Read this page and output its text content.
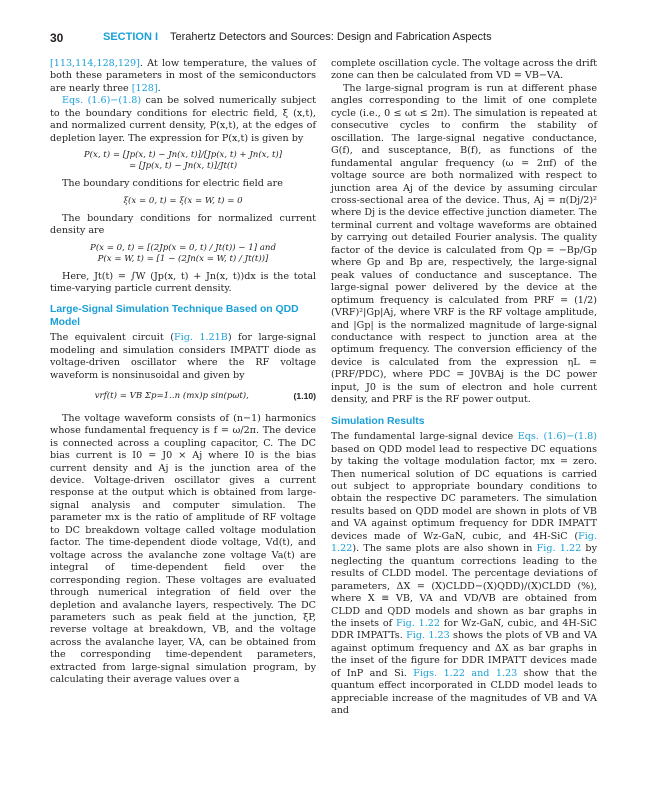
30	SECTION I Terahertz Detectors and Sources: Design and Fabrication Aspects

[113,114,128,129]. At low temperature, the values of both these parameters in most of the semiconductors are nearly three [128].

Eqs. (1.6)−(1.8) can be solved numerically subject to the boundary conditions for electric field, ξ (x,t), and normalized current density, P(x,t), at the edges of depletion layer. The expression for P(x,t) is given by

P(x, t) = [Jp(x, t) − Jn(x, t)]/[Jp(x, t) + Jn(x, t)]
= [Jp(x, t) − Jn(x, t)]/Jt(t)

The boundary conditions for electric field are

ξ(x = 0, t) = ξ(x = W, t) = 0

The boundary conditions for normalized current density are

P(x = 0, t) = [(2Jp(x = 0, t) / Jt(t)) − 1] and
P(x = W, t) = [1 − (2Jn(x = W, t) / Jt(t))]

Here, Jt(t) = ∫W (Jp(x, t) + Jn(x, t))dx is the total time-varying particle current density.

Large-Signal Simulation Technique Based on QDD Model

The equivalent circuit (Fig. 1.21B) for large-signal modeling and simulation considers IMPATT diode as voltage-driven oscillator where the RF voltage waveform is nonsinusoidal and given by

vrf(t) = VB Σp=1..n (mx)p sin(pωt),	(1.10)

The voltage waveform consists of (n−1) harmonics whose fundamental frequency is f = ω/2π. The device is connected across a coupling capacitor, C. The DC bias current is I0 = J0 × Aj where I0 is the bias current density and Aj is the junction area of the device. Voltage-driven oscillator gives a current response at the output which is obtained from large-signal analysis and computer simulation. The parameter mx is the ratio of amplitude of RF voltage to DC breakdown voltage called voltage modulation factor. The time-dependent diode voltage, Vd(t), and voltage across the avalanche zone voltage Va(t) are integral of time-dependent field over the corresponding region. These voltages are evaluated through numerical integration of field over the depletion and avalanche layers, respectively. The DC parameters such as peak field at the junction, ξP, reverse voltage at breakdown, VB, and the voltage across the avalanche layer, VA, can be obtained from the corresponding time-dependent parameters, extracted from large-signal simulation program, by calculating their average values over a

complete oscillation cycle. The voltage across the drift zone can then be calculated from VD = VB−VA.

The large-signal program is run at different phase angles corresponding to the limit of one complete cycle (i.e., 0 ≤ ωt ≤ 2π). The simulation is repeated at consecutive cycles to confirm the stability of oscillation. The large-signal negative conductance, G(f), and susceptance, B(f), as functions of the fundamental angular frequency (ω = 2πf) of the voltage source are both normalized with respect to junction area Aj of the device by assuming circular cross-sectional area of the device. Thus, Aj = π(Dj/2)² where Dj is the device effective junction diameter. The terminal current and voltage waveforms are obtained by carrying out detailed Fourier analysis. The quality factor of the device is calculated from Qp = −Bp/Gp where Gp and Bp are, respectively, the large-signal peak values of conductance and susceptance. The large-signal power delivered by the device at the optimum frequency is calculated from PRF = (1/2)(VRF)²|Gp|Aj, where VRF is the RF voltage amplitude, and |Gp| is the normalized magnitude of large-signal conductance with respect to junction area at the optimum frequency. The conversion efficiency of the device is calculated from the expression ηL = (PRF/PDC), where PDC = J0VBAj is the DC power input, J0 is the sum of electron and hole current density, and PRF is the RF power output.

Simulation Results

The fundamental large-signal device Eqs. (1.6)−(1.8) based on QDD model lead to respective DC equations by taking the voltage modulation factor, mx = zero. Then numerical solution of DC equations is carried out subject to appropriate boundary conditions to obtain the respective DC parameters. The simulation results based on QDD model are shown in plots of VB and VA against optimum frequency for DDR IMPATT devices made of Wz-GaN, cubic, and 4H-SiC (Fig. 1.22). The same plots are also shown in Fig. 1.22 by neglecting the quantum corrections leading to the results of CLDD model. The percentage deviations of parameters, ΔX = (X)CLDD−(X)QDD)/(X)CLDD (%), where X ≡ VB, VA and VD/VB are obtained from CLDD and QDD models and shown as bar graphs in the insets of Fig. 1.22 for Wz-GaN, cubic, and 4H-SiC DDR IMPATTs. Fig. 1.23 shows the plots of VB and VA against optimum frequency and ΔX as bar graphs in the inset of the figure for DDR IMPATT devices made of InP and Si. Figs. 1.22 and 1.23 show that the quantum effect incorporated in CLDD model leads to appreciable increase of the magnitudes of VB and VA and
